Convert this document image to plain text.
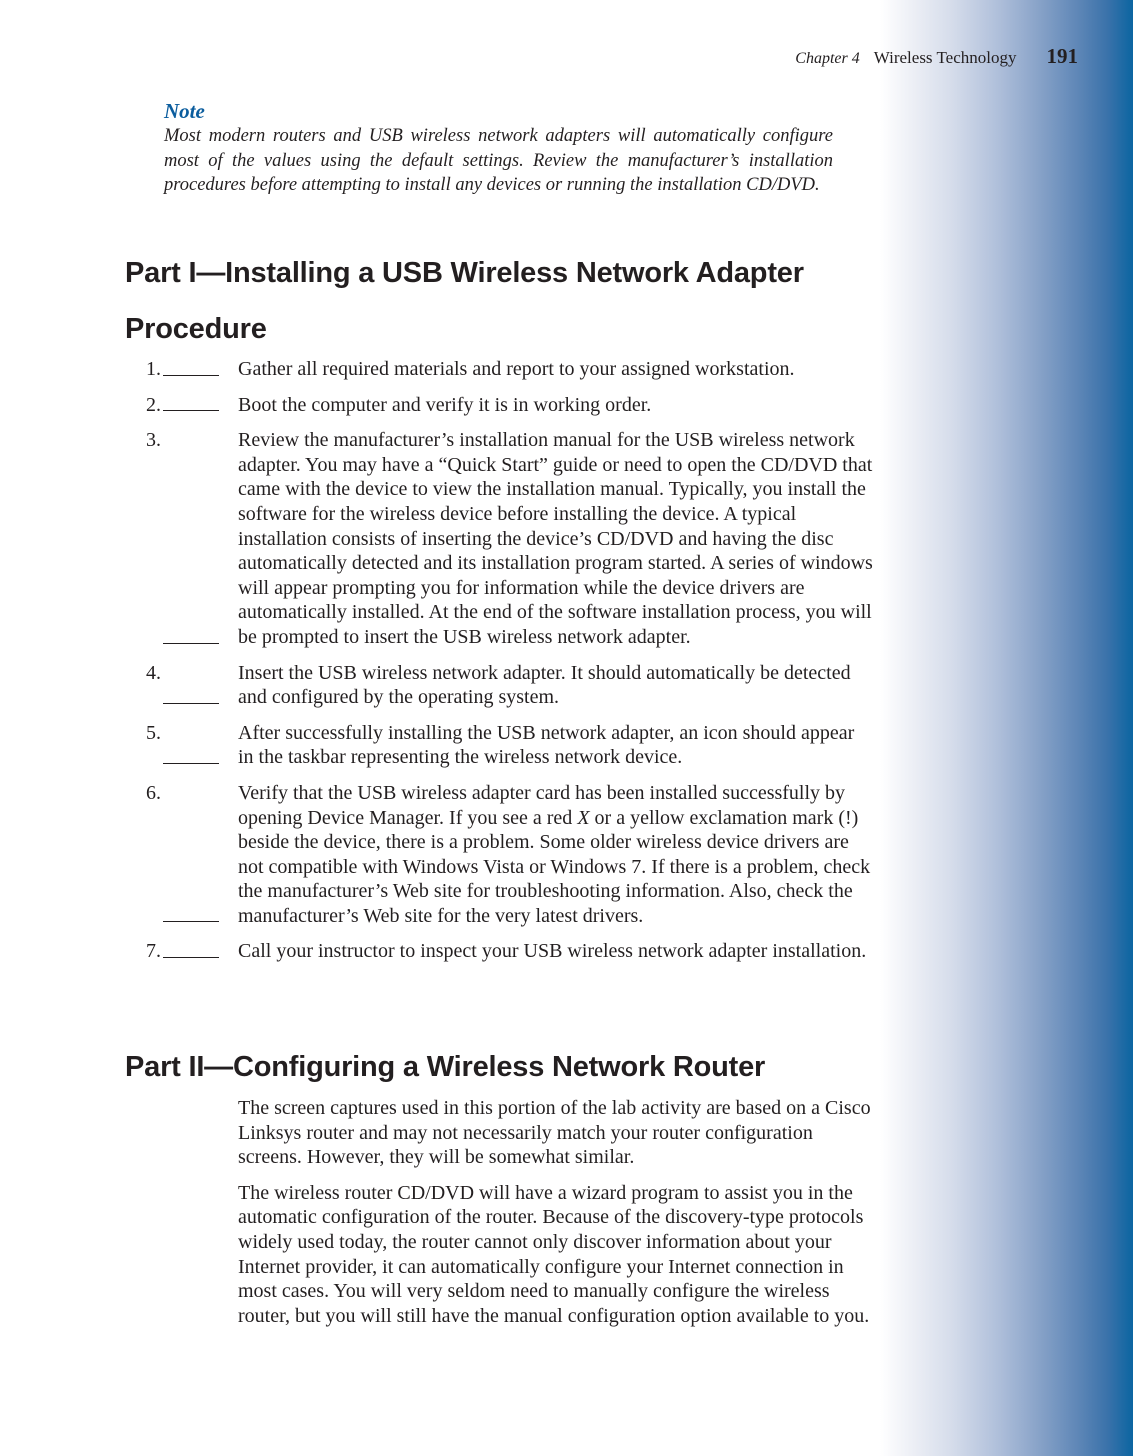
Chapter 4 Wireless Technology 191
Note

Most modern routers and USB wireless network adapters will automatically configure most of the values using the default settings. Review the manufacturer’s installation procedures before attempting to install any devices or running the installation CD/DVD.

Part I—Installing a USB Wireless Network Adapter
Procedure
1.	Gather all required materials and report to your assigned workstation.
2.	Boot the computer and verify it is in working order.
3.	Review the manufacturer’s installation manual for the USB wireless network adapter. You may have a “Quick Start” guide or need to open the CD/DVD that came with the device to view the installation manual. Typically, you install the software for the wireless device before installing the device. A typical installation consists of inserting the device’s CD/DVD and having the disc automatically detected and its installation program started. A series of windows will appear prompting you for information while the device drivers are automatically installed. At the end of the software installation process, you will be prompted to insert the USB wireless network adapter.
4.	Insert the USB wireless network adapter. It should automatically be detected and configured by the operating system.
5.	After successfully installing the USB network adapter, an icon should appear in the taskbar representing the wireless network device.
6.	Verify that the USB wireless adapter card has been installed successfully by opening Device Manager. If you see a red X or a yellow exclamation mark (!) beside the device, there is a problem. Some older wireless device drivers are not compatible with Windows Vista or Windows 7. If there is a problem, check the manufacturer’s Web site for troubleshooting information. Also, check the manufacturer’s Web site for the very latest drivers.
7.	Call your instructor to inspect your USB wireless network adapter installation.
Part II—Configuring a Wireless Network Router

The screen captures used in this portion of the lab activity are based on a Cisco Linksys router and may not necessarily match your router configuration screens. However, they will be somewhat similar.

The wireless router CD/DVD will have a wizard program to assist you in the automatic configuration of the router. Because of the discovery-type protocols widely used today, the router cannot only discover information about your Internet provider, it can automatically configure your Internet connection in most cases. You will very seldom need to manually configure the wireless router, but you will still have the manual configuration option available to you.
